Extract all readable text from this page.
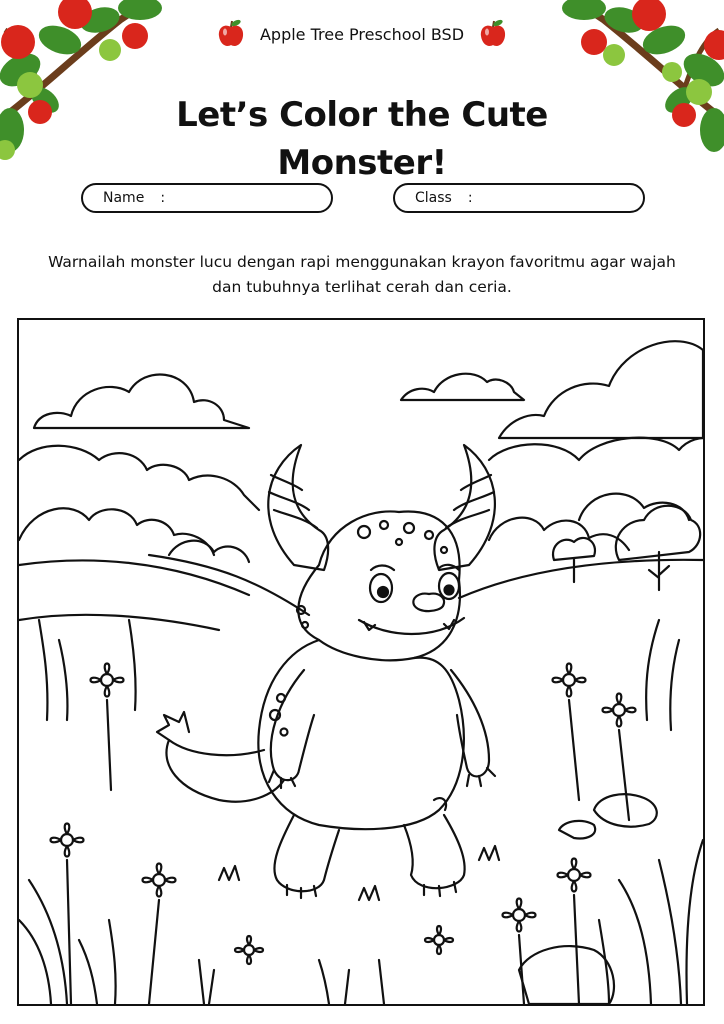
Apple Tree Preschool BSD
Let’s Color the Cute Monster!
Name :	Class :

Warnailah monster lucu dengan rapi menggunakan krayon favoritmu agar wajah dan tubuhnya terlihat cerah dan ceria.
